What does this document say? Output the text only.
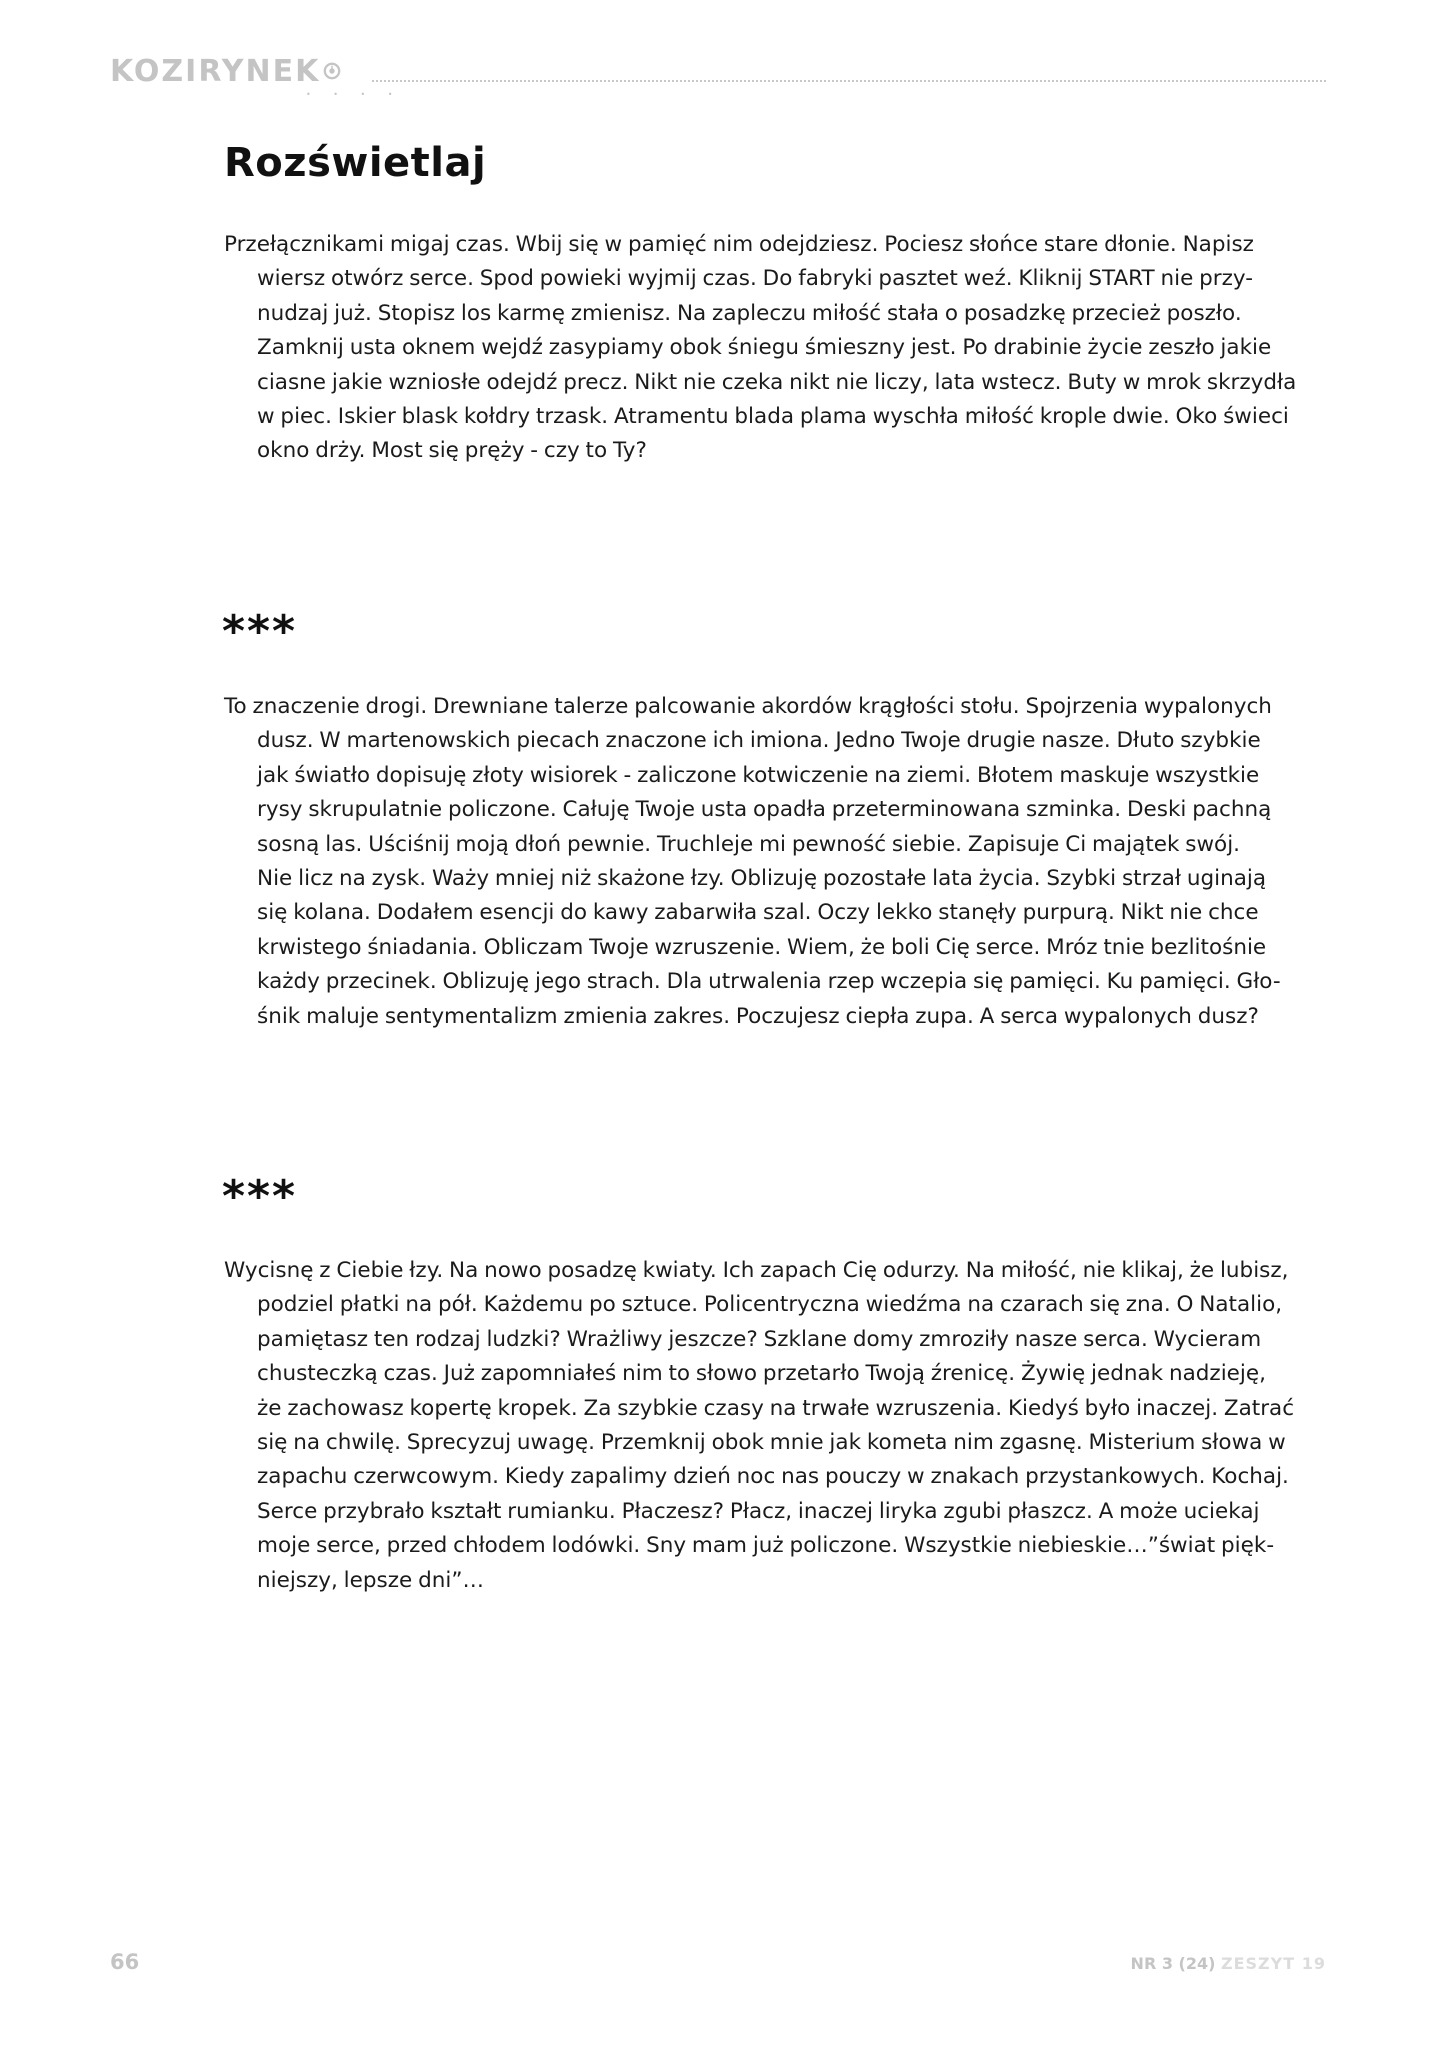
KOZIRYNEK
• • • •
Rozświetlaj
Przełącznikami migaj czas. Wbij się w pamięć nim odejdziesz. Pociesz słońce stare dłonie. Napisz
wiersz otwórz serce. Spod powieki wyjmij czas. Do fabryki pasztet weź. Kliknij START nie przy-
nudzaj już. Stopisz los karmę zmienisz. Na zapleczu miłość stała o posadzkę przecież poszło.
Zamknij usta oknem wejdź zasypiamy obok śniegu śmieszny jest. Po drabinie życie zeszło jakie
ciasne jakie wzniosłe odejdź precz. Nikt nie czeka nikt nie liczy, lata wstecz. Buty w mrok skrzydła
w piec. Iskier blask kołdry trzask. Atramentu blada plama wyschła miłość krople dwie. Oko świeci
okno drży. Most się pręży - czy to Ty?

***

To znaczenie drogi. Drewniane talerze palcowanie akordów krągłości stołu. Spojrzenia wypalonych
dusz. W martenowskich piecach znaczone ich imiona. Jedno Twoje drugie nasze. Dłuto szybkie
jak światło dopisuję złoty wisiorek - zaliczone kotwiczenie na ziemi. Błotem maskuje wszystkie
rysy skrupulatnie policzone. Całuję Twoje usta opadła przeterminowana szminka. Deski pachną
sosną las. Uściśnij moją dłoń pewnie. Truchleje mi pewność siebie. Zapisuje Ci majątek swój.
Nie licz na zysk. Waży mniej niż skażone łzy. Oblizuję pozostałe lata życia. Szybki strzał uginają
się kolana. Dodałem esencji do kawy zabarwiła szal. Oczy lekko stanęły purpurą. Nikt nie chce
krwistego śniadania. Obliczam Twoje wzruszenie. Wiem, że boli Cię serce. Mróz tnie bezlitośnie
każdy przecinek. Oblizuję jego strach. Dla utrwalenia rzep wczepia się pamięci. Ku pamięci. Gło-
śnik maluje sentymentalizm zmienia zakres. Poczujesz ciepła zupa. A serca wypalonych dusz?

***

Wycisnę z Ciebie łzy. Na nowo posadzę kwiaty. Ich zapach Cię odurzy. Na miłość, nie klikaj, że lubisz,
podziel płatki na pół. Każdemu po sztuce. Policentryczna wiedźma na czarach się zna. O Natalio,
pamiętasz ten rodzaj ludzki? Wrażliwy jeszcze? Szklane domy zmroziły nasze serca. Wycieram
chusteczką czas. Już zapomniałeś nim to słowo przetarło Twoją źrenicę. Żywię jednak nadzieję,
że zachowasz kopertę kropek. Za szybkie czasy na trwałe wzruszenia. Kiedyś było inaczej. Zatrać
się na chwilę. Sprecyzuj uwagę. Przemknij obok mnie jak kometa nim zgasnę. Misterium słowa w
zapachu czerwcowym. Kiedy zapalimy dzień noc nas pouczy w znakach przystankowych. Kochaj.
Serce przybrało kształt rumianku. Płaczesz? Płacz, inaczej liryka zgubi płaszcz. A może uciekaj
moje serce, przed chłodem lodówki. Sny mam już policzone. Wszystkie niebieskie…”świat pięk-
niejszy, lepsze dni”…
66	NR 3 (24) ZESZYT 19
